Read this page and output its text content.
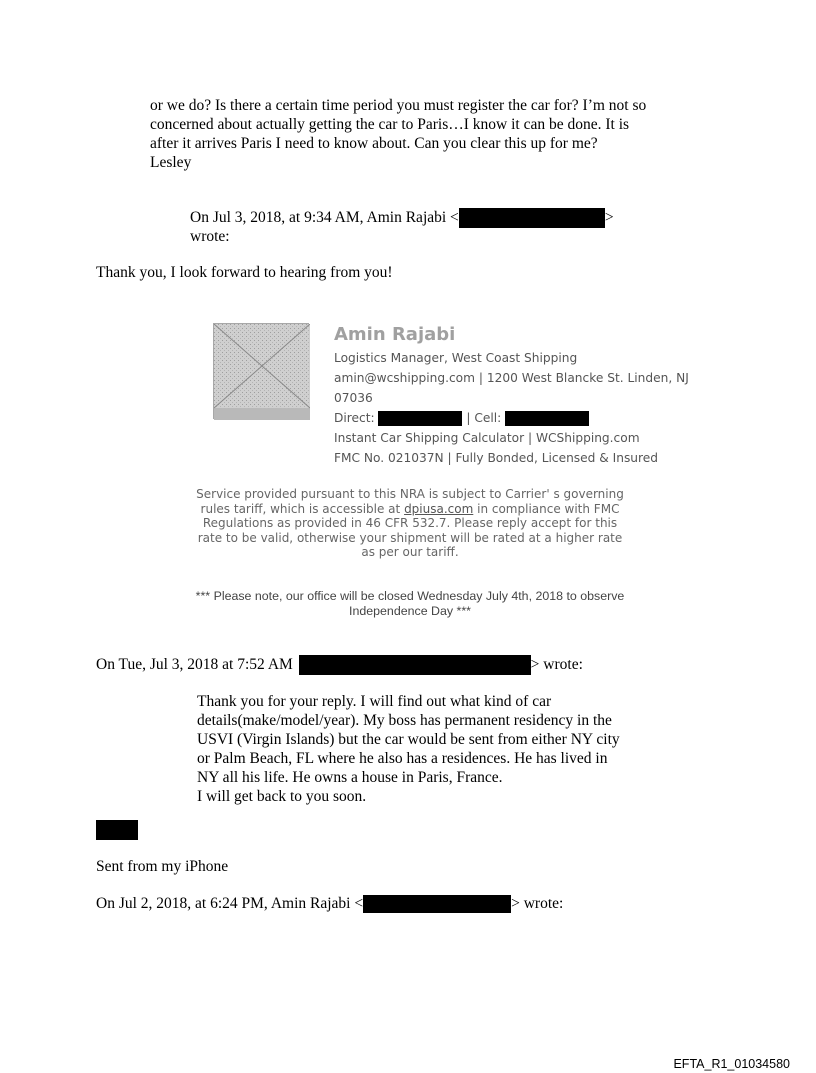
or we do? Is there a certain time period you must register the car for? I’m not so
concerned about actually getting the car to Paris…I know it can be done. It is
after it arrives Paris I need to know about. Can you clear this up for me?
Lesley
On Jul 3, 2018, at 9:34 AM, Amin Rajabi <	>
wrote:
Thank you, I look forward to hearing from you!
Amin Rajabi
Logistics Manager, West Coast Shipping
amin@wcshipping.com | 1200 West Blancke St. Linden, NJ
07036
Direct:	| Cell:
Instant Car Shipping Calculator | WCShipping.com
FMC No. 021037N | Fully Bonded, Licensed & Insured
Service provided pursuant to this NRA is subject to Carrier' s governing
rules tariff, which is accessible at dpiusa.com in compliance with FMC
Regulations as provided in 46 CFR 532.7. Please reply accept for this
rate to be valid, otherwise your shipment will be rated at a higher rate
as per our tariff.
*** Please note, our office will be closed Wednesday July 4th, 2018 to observe
Independence Day ***
On Tue, Jul 3, 2018 at 7:52 AM	> wrote:
Thank you for your reply. I will find out what kind of car
details(make/model/year). My boss has permanent residency in the
USVI (Virgin Islands) but the car would be sent from either NY city
or Palm Beach, FL where he also has a residences. He has lived in
NY all his life. He owns a house in Paris, France.
I will get back to you soon.
Sent from my iPhone
On Jul 2, 2018, at 6:24 PM, Amin Rajabi <	> wrote:
EFTA_R1_01034580
